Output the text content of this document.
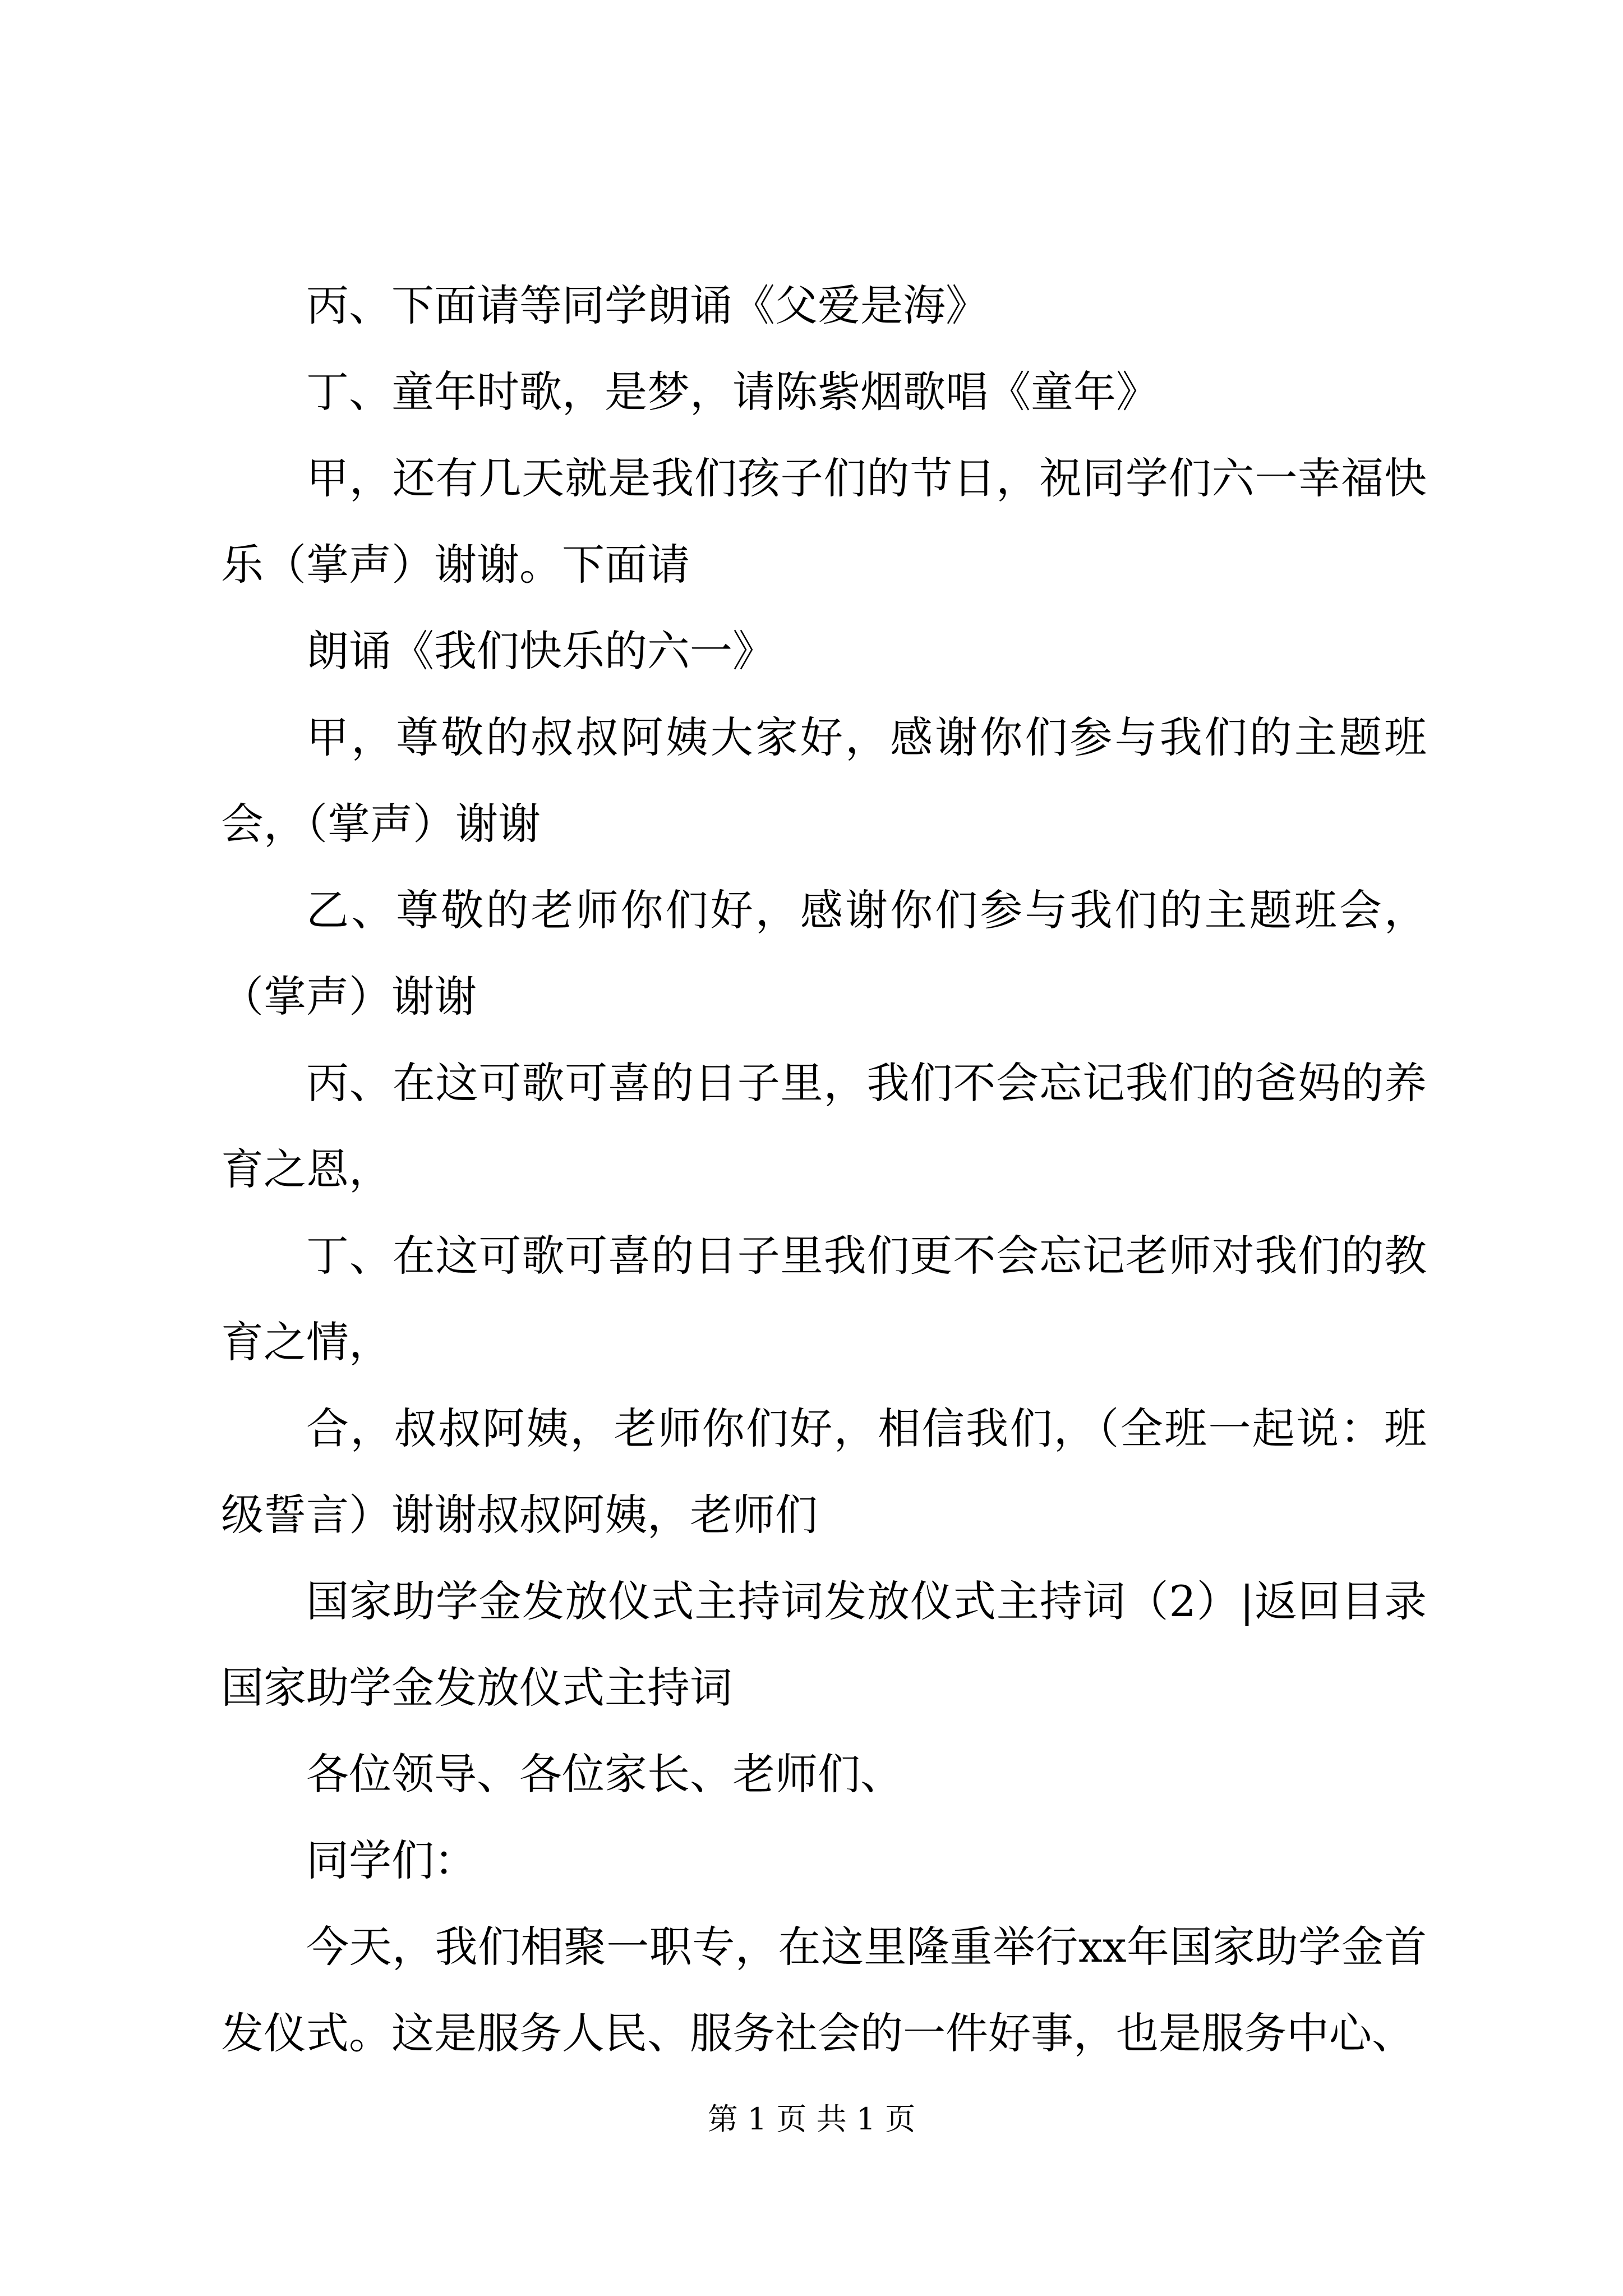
丙、下面请等同学朗诵《父爱是海》

丁、童年时歌，是梦，请陈紫烟歌唱《童年》

甲，还有几天就是我们孩子们的节日，祝同学们六一幸福快乐（掌声）谢谢。下面请

朗诵《我们快乐的六一》

甲，尊敬的叔叔阿姨大家好，感谢你们参与我们的主题班会，（掌声）谢谢

乙、尊敬的老师你们好，感谢你们参与我们的主题班会，（掌声）谢谢

丙、在这可歌可喜的日子里，我们不会忘记我们的爸妈的养育之恩，

丁、在这可歌可喜的日子里我们更不会忘记老师对我们的教育之情，

合，叔叔阿姨，老师你们好，相信我们，（全班一起说：班级誓言）谢谢叔叔阿姨，老师们

国家助学金发放仪式主持词发放仪式主持词（2）|返回目录国家助学金发放仪式主持词

各位领导、各位家长、老师们、

同学们：

今天，我们相聚一职专，在这里隆重举行xx年国家助学金首发仪式。这是服务人民、服务社会的一件好事，也是服务中心、

第 1 页 共 1 页
